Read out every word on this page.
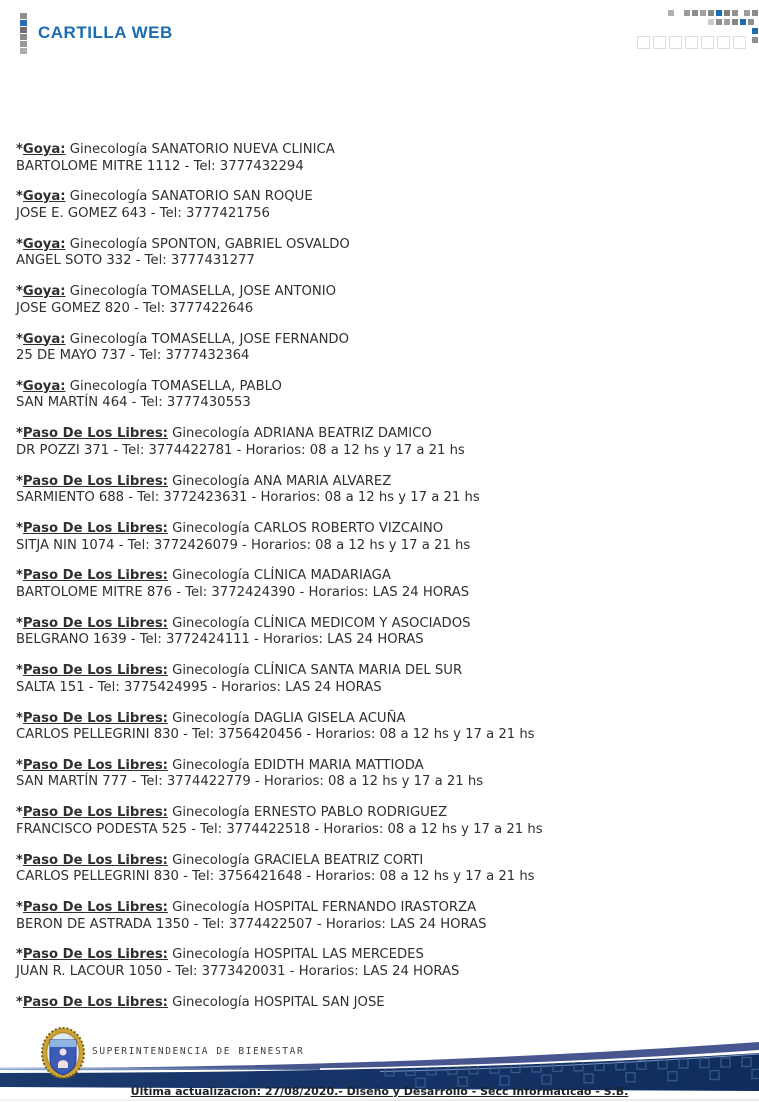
CARTILLA WEB
*Goya: Ginecología SANATORIO NUEVA CLINICA
BARTOLOME MITRE 1112 - Tel: 3777432294
*Goya: Ginecología SANATORIO SAN ROQUE
JOSE E. GOMEZ 643 - Tel: 3777421756
*Goya: Ginecología SPONTON, GABRIEL OSVALDO
ANGEL SOTO 332 - Tel: 3777431277
*Goya: Ginecología TOMASELLA, JOSE ANTONIO
JOSE GOMEZ 820 - Tel: 3777422646
*Goya: Ginecología TOMASELLA, JOSE FERNANDO
25 DE MAYO 737 - Tel: 3777432364
*Goya: Ginecología TOMASELLA, PABLO
SAN MARTÍN 464 - Tel: 3777430553
*Paso De Los Libres: Ginecología ADRIANA BEATRIZ DAMICO
DR POZZI 371 - Tel: 3774422781 - Horarios: 08 a 12 hs y 17 a 21 hs
*Paso De Los Libres: Ginecología ANA MARIA ALVAREZ
SARMIENTO 688 - Tel: 3772423631 - Horarios: 08 a 12 hs y 17 a 21 hs
*Paso De Los Libres: Ginecología CARLOS ROBERTO VIZCAINO
SITJA NIN 1074 - Tel: 3772426079 - Horarios: 08 a 12 hs y 17 a 21 hs
*Paso De Los Libres: Ginecología CLÍNICA MADARIAGA
BARTOLOME MITRE 876 - Tel: 3772424390 - Horarios: LAS 24 HORAS
*Paso De Los Libres: Ginecología CLÍNICA MEDICOM Y ASOCIADOS
BELGRANO 1639 - Tel: 3772424111 - Horarios: LAS 24 HORAS
*Paso De Los Libres: Ginecología CLÍNICA SANTA MARIA DEL SUR
SALTA 151 - Tel: 3775424995 - Horarios: LAS 24 HORAS
*Paso De Los Libres: Ginecología DAGLIA GISELA ACUÑA
CARLOS PELLEGRINI 830 - Tel: 3756420456 - Horarios: 08 a 12 hs y 17 a 21 hs
*Paso De Los Libres: Ginecología EDIDTH MARIA MATTIODA
SAN MARTÍN 777 - Tel: 3774422779 - Horarios: 08 a 12 hs y 17 a 21 hs
*Paso De Los Libres: Ginecología ERNESTO PABLO RODRIGUEZ
FRANCISCO PODESTA 525 - Tel: 3774422518 - Horarios: 08 a 12 hs y 17 a 21 hs
*Paso De Los Libres: Ginecología GRACIELA BEATRIZ CORTI
CARLOS PELLEGRINI 830 - Tel: 3756421648 - Horarios: 08 a 12 hs y 17 a 21 hs
*Paso De Los Libres: Ginecología HOSPITAL FERNANDO IRASTORZA
BERON DE ASTRADA 1350 - Tel: 3774422507 - Horarios: LAS 24 HORAS
*Paso De Los Libres: Ginecología HOSPITAL LAS MERCEDES
JUAN R. LACOUR 1050 - Tel: 3773420031 - Horarios: LAS 24 HORAS
*Paso De Los Libres: Ginecología HOSPITAL SAN JOSE
SUPERINTENDENCIA DE BIENESTAR
Última actualización: 27/08/2020.- Diseño y Desarrollo - Secc Informáticao - S.B.
